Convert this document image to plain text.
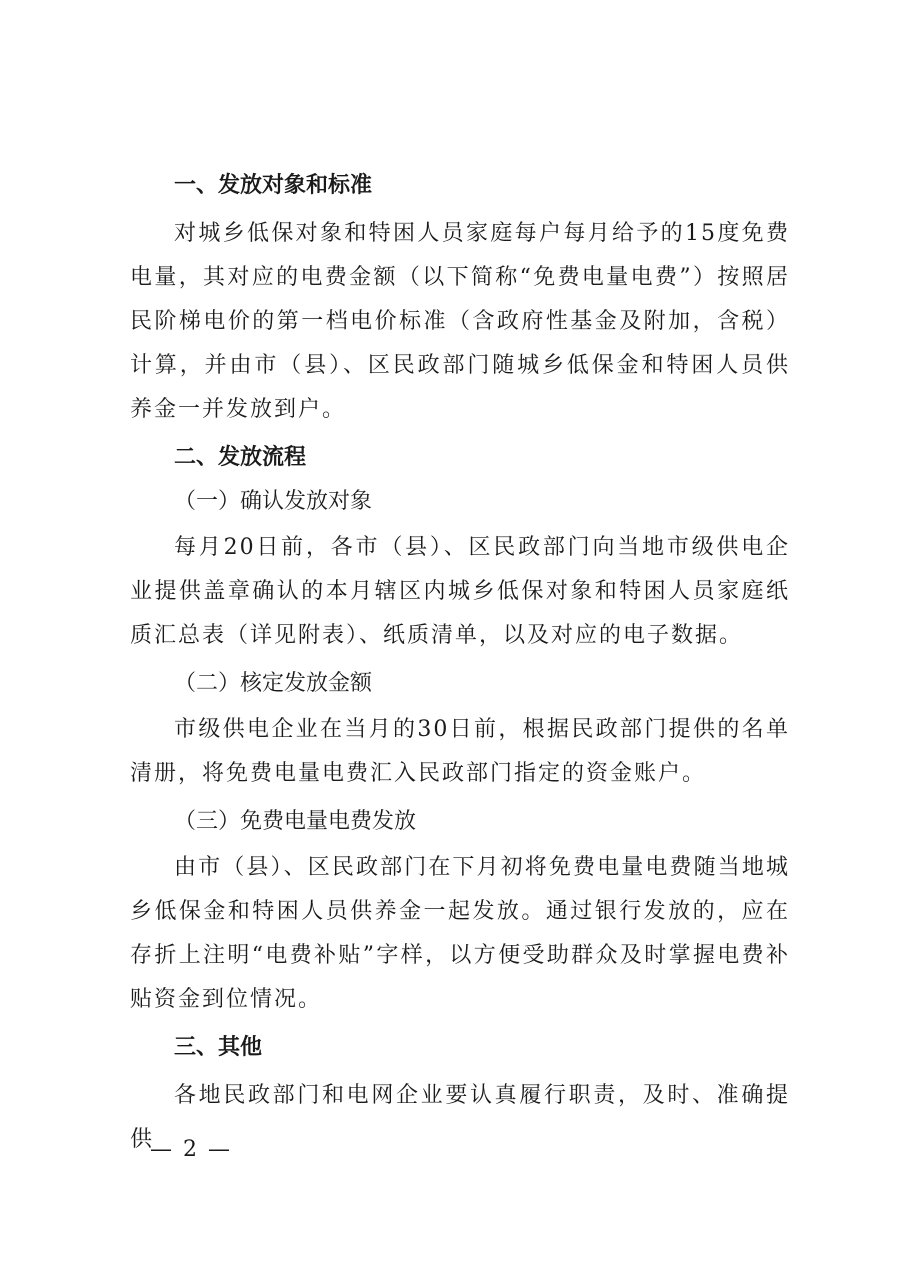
一、发放对象和标准

对城乡低保对象和特困人员家庭每户每月给予的15度免费电量，其对应的电费金额（以下简称“免费电量电费”）按照居民阶梯电价的第一档电价标准（含政府性基金及附加，含税）计算，并由市（县）、区民政部门随城乡低保金和特困人员供养金一并发放到户。

二、发放流程
（一）确认发放对象

每月20日前，各市（县）、区民政部门向当地市级供电企业提供盖章确认的本月辖区内城乡低保对象和特困人员家庭纸质汇总表（详见附表）、纸质清单，以及对应的电子数据。

（二）核定发放金额

市级供电企业在当月的30日前，根据民政部门提供的名单清册，将免费电量电费汇入民政部门指定的资金账户。

（三）免费电量电费发放

由市（县）、区民政部门在下月初将免费电量电费随当地城乡低保金和特困人员供养金一起发放。通过银行发放的，应在存折上注明“电费补贴”字样，以方便受助群众及时掌握电费补贴资金到位情况。

三、其他

各地民政部门和电网企业要认真履行职责，及时、准确提供

— 2 —
